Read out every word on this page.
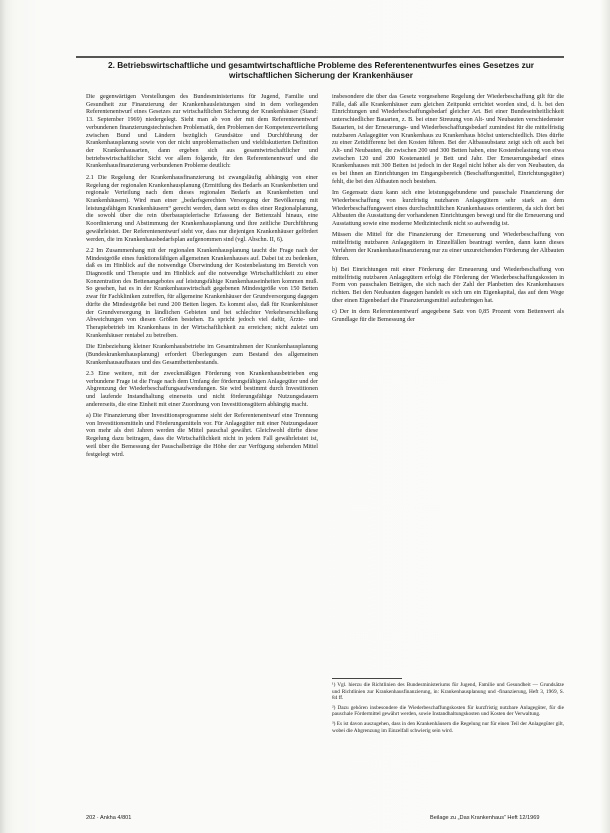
2. Betriebswirtschaftliche und gesamtwirtschaftliche Probleme des Referentenentwurfes eines Gesetzes zur wirtschaftlichen Sicherung der Krankenhäuser

Die gegenwärtigen Vorstellungen des Bundesministeriums für Jugend, Familie und Gesundheit zur Finanzierung der Krankenhausleistungen sind in dem vorliegenden Referentenentwurf eines Gesetzes zur wirtschaftlichen Sicherung der Krankenhäuser (Stand: 13. September 1969) niedergelegt. Sieht man ab von der mit dem Referentenentwurf verbundenen finanzierungstechnischen Problematik, den Problemen der Kompetenzverteilung zwischen Bund und Ländern bezüglich Grundsätze und Durchführung der Krankenhausplanung sowie von der nicht unproblematischen und vieldiskutierten Definition der Krankenhausarten, dann ergeben sich aus gesamtwirtschaftlicher und betriebswirtschaftlicher Sicht vor allem folgende, für den Referentenentwurf und die Krankenhausfinanzierung verbundenen Probleme deutlich:

2.1 Die Regelung der Krankenhausfinanzierung ist zwangsläufig abhängig von einer Regelung der regionalen Krankenhausplanung (Ermittlung des Bedarfs an Krankenbetten und regionale Verteilung nach dem dieses regionalen Bedarfs an Krankenbetten und Krankenhäusern). Wird man einer „bedarfsgerechten Versorgung der Bevölkerung mit leistungsfähigen Krankenhäusern“ gerecht werden, dann setzt es dies einer Regionalplanung, die sowohl über die rein überbauspielerische Erfassung der Bettenzahl hinaus, eine Koordinierung und Abstimmung der Krankenhausplanung und ihre zeitliche Durchführung gewährleistet. Der Referentenentwurf sieht vor, dass nur diejenigen Krankenhäuser gefördert werden, die im Krankenhausbedarfsplan aufgenommen sind (vgl. Abschn. II, 6).

2.2 Im Zusammenhang mit der regionalen Krankenhausplanung taucht die Frage nach der Mindestgröße eines funktionsfähigen allgemeinen Krankenhauses auf. Dabei ist zu bedenken, daß es im Hinblick auf die notwendige Überwindung der Kostenbelastung im Bereich von Diagnostik und Therapie und im Hinblick auf die notwendige Wirtschaftlichkeit zu einer Konzentration des Bettenangebotes auf leistungsfähige Krankenhauseinheiten kommen muß. So gesehen, hat es in der Krankenhauswirtschaft gegebenen Mindestgröße von 150 Betten zwar für Fachkliniken zutreffen, für allgemeine Krankenhäuser der Grundversorgung dagegen dürfte die Mindestgröße bei rund 200 Betten liegen. Es kommt also, daß für Krankenhäuser der Grundversorgung in ländlichen Gebieten und bei schlechter Verkehrserschließung Abweichungen von diesen Größen bestehen. Es spricht jedoch viel dafür, Ärzte- und Therapiebetrieb im Krankenhaus in der Wirtschaftlichkeit zu erreichen; nicht zuletzt um Krankenhäuser rentabel zu betreiben.

Die Einbeziehung kleiner Krankenhausbetriebe im Gesamtrahmen der Krankenhausplanung (Bundeskrankenhausplanung) erfordert Überlegungen zum Bestand des allgemeinen Krankenhausaufbaues und des Gesamtbettenbestands.

2.3 Eine weitere, mit der zweckmäßigen Förderung von Krankenhausbetrieben eng verbundene Frage ist die Frage nach dem Umfang der förderungsfähigen Anlagegüter und der Abgrenzung der Wiederbeschaffungsaufwendungen. Sie wird bestimmt durch Investitionen und laufende Instandhaltung einerseits und nicht förderungsfähige Nutzungsdauern andererseits, die eine Einheit mit einer Zuordnung von Investitionsgütern abhängig macht.

a) Die Finanzierung über Investitionsprogramme sieht der Referentenentwurf eine Trennung von Investitionsmitteln und Förderungsmitteln vor. Für Anlagegüter mit einer Nutzungsdauer von mehr als drei Jahren werden die Mittel pauschal gewährt. Gleichwohl dürfte diese Regelung dazu beitragen, dass die Wirtschaftlichkeit nicht in jedem Fall gewährleistet ist, weil über die Bemessung der Pauschalbeträge die Höhe der zur Verfügung stehenden Mittel festgelegt wird.

insbesondere die über das Gesetz vorgesehene Regelung der Wiederbeschaffung gilt für die Fälle, daß alle Krankenhäuser zum gleichen Zeitpunkt errichtet worden sind, d. h. bei den Einrichtungen und Wiederbeschaffungsbedarf gleicher Art. Bei einer Bundeseinheitlichkeit unterschiedlicher Bauarten, z. B. bei einer Streuung von Alt- und Neubauten verschiedenster Bauarten, ist der Erneuerungs- und Wiederbeschaffungsbedarf zumindest für die mittelfristig nutzbaren Anlagegüter von Krankenhaus zu Krankenhaus höchst unterschiedlich. Dies dürfte zu einer Zeitdifferenz bei den Kosten führen. Bei der Altbausubstanz zeigt sich oft auch bei Alt- und Neubauten, die zwischen 200 und 300 Betten haben, eine Kostenbelastung von etwa zwischen 120 und 200 Kostenanteil je Bett und Jahr. Der Erneuerungsbedarf eines Krankenhauses mit 300 Betten ist jedoch in der Regel nicht höher als der von Neubauten, da es bei ihnen an Einrichtungen im Eingangsbereich (Beschaffungsmittel, Einrichtungsgüter) fehlt, die bei den Altbauten noch bestehen.

Im Gegensatz dazu kann sich eine leistungsgebundene und pauschale Finanzierung der Wiederbeschaffung von kurzfristig nutzbaren Anlagegütern sehr stark an dem Wiederbeschaffungswert eines durchschnittlichen Krankenhauses orientieren, da sich dort bei Altbauten die Ausstattung der vorhandenen Einrichtungen bewegt und für die Erneuerung und Ausstattung sowie eine moderne Medizintechnik nicht so aufwendig ist.

Müssen die Mittel für die Finanzierung der Erneuerung und Wiederbeschaffung von mittelfristig nutzbaren Anlagegütern in Einzelfällen beantragt werden, dann kann dieses Verfahren der Krankenhausfinanzierung nur zu einer unzureichenden Förderung der Altbauten führen.

b) Bei Einrichtungen mit einer Förderung der Erneuerung und Wiederbeschaffung von mittelfristig nutzbaren Anlagegütern erfolgt die Förderung der Wiederbeschaffungskosten in Form von pauschalen Beträgen, die sich nach der Zahl der Planbetten des Krankenhauses richten. Bei den Neubauten dagegen handelt es sich um ein Eigenkapital, das auf dem Wege über einen Eigenbedarf die Finanzierungsmittel aufzubringen hat.

c) Der in dem Referentenentwurf angegebene Satz von 0,85 Prozent vom Bettenwert als Grundlage für die Bemessung der

¹) Vgl. hierzu die Richtlinien des Bundesministeriums für Jugend, Familie und Gesundheit — Grundsätze und Richtlinien zur Krankenhausfinanzierung, in: Krankenhausplanung und -finanzierung, Heft 3, 1969, S. 84 ff.

²) Dazu gehören insbesondere die Wiederbeschaffungskosten für kurzfristig nutzbare Anlagegüter, für die pauschale Fördermittel gewährt werden, sowie Instandhaltungskosten und Kosten der Verwaltung.

³) Es ist davon auszugehen, dass in den Krankenhäusern die Regelung nur für einen Teil der Anlagegüter gilt, wobei die Abgrenzung im Einzelfall schwierig sein wird.

202 · Ankha 4/801	Beilage zu „Das Krankenhaus“ Heft 12/1969
